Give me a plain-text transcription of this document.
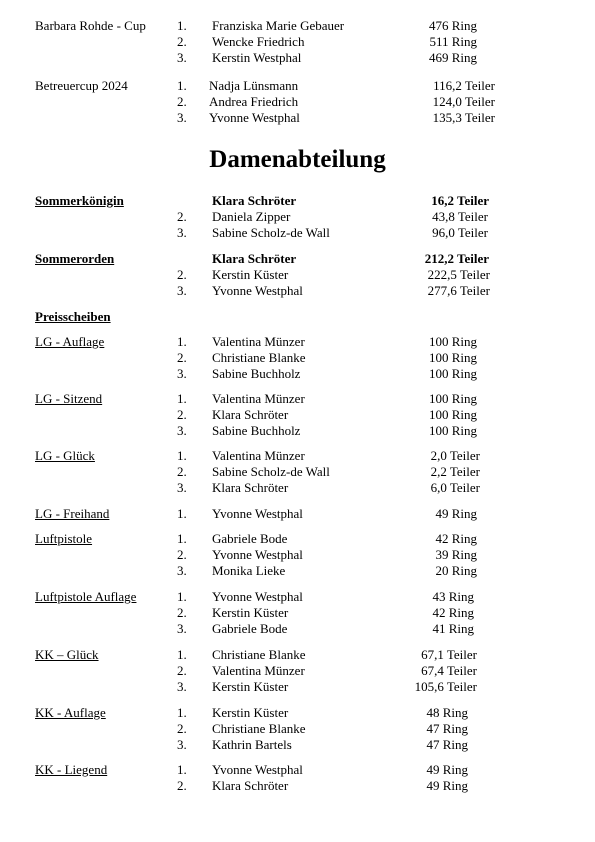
Barbara Rohde - Cup 1. Franziska Marie Gebauer	476 Ring
2. Wencke Friedrich	511 Ring
3. Kerstin Westphal	469 Ring
Betreuercup 2024	1. Nadja Lünsmann	116,2 Teiler
2. Andrea Friedrich	124,0 Teiler
3. Yvonne Westphal	135,3 Teiler
Damenabteilung
Sommerkönigin	Klara Schröter	16,2 Teiler
2. Daniela Zipper	43,8 Teiler
3. Sabine Scholz-de Wall	96,0 Teiler
Sommerorden	Klara Schröter	212,2 Teiler
2. Kerstin Küster	222,5 Teiler
3. Yvonne Westphal	277,6 Teiler
Preisscheiben
LG - Auflage	1. Valentina Münzer	100 Ring
2. Christiane Blanke	100 Ring
3. Sabine Buchholz	100 Ring
LG - Sitzend	1. Valentina Münzer	100 Ring
2. Klara Schröter	100 Ring
3. Sabine Buchholz	100 Ring
LG - Glück	1. Valentina Münzer	2,0 Teiler
2. Sabine Scholz-de Wall	2,2 Teiler
3. Klara Schröter	6,0 Teiler
LG - Freihand	1. Yvonne Westphal	49 Ring
Luftpistole	1. Gabriele Bode	42 Ring
2. Yvonne Westphal	39 Ring
3. Monika Lieke	20 Ring
Luftpistole Auflage	1. Yvonne Westphal	43 Ring
2. Kerstin Küster	42 Ring
3. Gabriele Bode	41 Ring
KK – Glück	1. Christiane Blanke	67,1 Teiler
2. Valentina Münzer	67,4 Teiler
3. Kerstin Küster	105,6 Teiler
KK - Auflage	1. Kerstin Küster	48 Ring
2. Christiane Blanke	47 Ring
3. Kathrin Bartels	47 Ring
KK - Liegend	1. Yvonne Westphal	49 Ring
2. Klara Schröter	49 Ring
